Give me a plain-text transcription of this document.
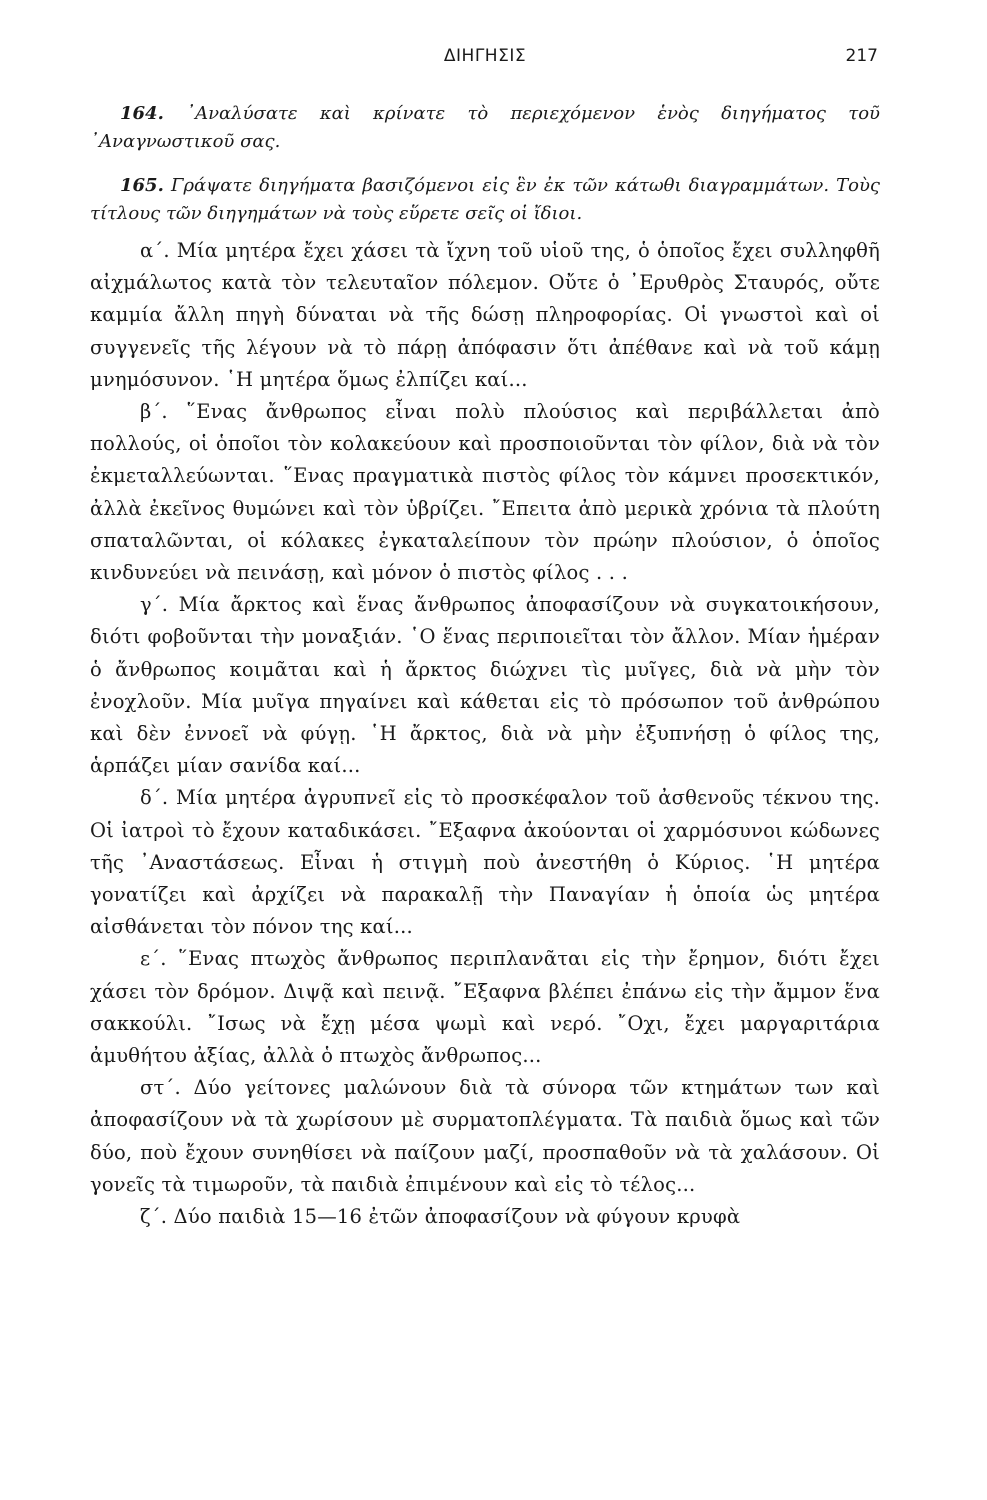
ΔΙΗΓΗΣΙΣ	217

164. ᾿Αναλύσατε καὶ κρίνατε τὸ περιεχόμενον ἑνὸς διηγήματος τοῦ ᾿Αναγνωστικοῦ σας.

165. Γράψατε διηγήματα βασιζόμενοι εἰς ἓν ἐκ τῶν κάτωθι διαγραμμάτων. Τοὺς τίτλους τῶν διηγημάτων νὰ τοὺς εὕρετε σεῖς οἱ ἴδιοι.

α΄. Μία μητέρα ἔχει χάσει τὰ ἴχνη τοῦ υἱοῦ της, ὁ ὁποῖος ἔχει συλληφθῆ αἰχμάλωτος κατὰ τὸν τελευταῖον πόλεμον. Οὔτε ὁ ᾿Ερυθρὸς Σταυρός, οὔτε καμμία ἄλλη πηγὴ δύναται νὰ τῆς δώσῃ πληροφορίας. Οἱ γνωστοὶ καὶ οἱ συγγενεῖς τῆς λέγουν νὰ τὸ πάρῃ ἀπόφασιν ὅτι ἀπέθανε καὶ νὰ τοῦ κάμῃ μνημόσυνον. ῾Η μητέρα ὅμως ἐλπίζει καί...

β΄. ῞Ενας ἄνθρωπος εἶναι πολὺ πλούσιος καὶ περιβάλλεται ἀπὸ πολλούς, οἱ ὁποῖοι τὸν κολακεύουν καὶ προσποιοῦνται τὸν φίλον, διὰ νὰ τὸν ἐκμεταλλεύωνται. ῞Ενας πραγματικὰ πιστὸς φίλος τὸν κάμνει προσεκτικόν, ἀλλὰ ἐκεῖνος θυμώνει καὶ τὸν ὑβρίζει. ῎Επειτα ἀπὸ μερικὰ χρόνια τὰ πλούτη σπαταλῶνται, οἱ κόλακες ἐγκαταλείπουν τὸν πρώην πλούσιον, ὁ ὁποῖος κινδυνεύει νὰ πεινάσῃ, καὶ μόνον ὁ πιστὸς φίλος . . .

γ΄. Μία ἄρκτος καὶ ἕνας ἄνθρωπος ἀποφασίζουν νὰ συγκατοικήσουν, διότι φοβοῦνται τὴν μοναξιάν. ῾Ο ἕνας περιποιεῖται τὸν ἄλλον. Μίαν ἡμέραν ὁ ἄνθρωπος κοιμᾶται καὶ ἡ ἄρκτος διώχνει τὶς μυῖγες, διὰ νὰ μὴν τὸν ἐνοχλοῦν. Μία μυῖγα πηγαίνει καὶ κάθεται εἰς τὸ πρόσωπον τοῦ ἀνθρώπου καὶ δὲν ἐννοεῖ νὰ φύγῃ. ῾Η ἄρκτος, διὰ νὰ μὴν ἐξυπνήσῃ ὁ φίλος της, ἁρπάζει μίαν σανίδα καί...

δ΄. Μία μητέρα ἀγρυπνεῖ εἰς τὸ προσκέφαλον τοῦ ἀσθενοῦς τέκνου της. Οἱ ἰατροὶ τὸ ἔχουν καταδικάσει. ῎Εξαφνα ἀκούονται οἱ χαρμόσυνοι κώδωνες τῆς ᾿Αναστάσεως. Εἶναι ἡ στιγμὴ ποὺ ἀνεστήθη ὁ Κύριος. ῾Η μητέρα γονατίζει καὶ ἀρχίζει νὰ παρακαλῇ τὴν Παναγίαν ἡ ὁποία ὡς μητέρα αἰσθάνεται τὸν πόνον της καί...

ε΄. ῞Ενας πτωχὸς ἄνθρωπος περιπλανᾶται εἰς τὴν ἔρημον, διότι ἔχει χάσει τὸν δρόμον. Διψᾷ καὶ πεινᾷ. ῎Εξαφνα βλέπει ἐπάνω εἰς τὴν ἄμμον ἕνα σακκούλι. ῎Ισως νὰ ἔχῃ μέσα ψωμὶ καὶ νερό. ῎Οχι, ἔχει μαργαριτάρια ἀμυθήτου ἀξίας, ἀλλὰ ὁ πτωχὸς ἄνθρωπος...

στ΄. Δύο γείτονες μαλώνουν διὰ τὰ σύνορα τῶν κτημάτων των καὶ ἀποφασίζουν νὰ τὰ χωρίσουν μὲ συρματοπλέγματα. Τὰ παιδιὰ ὅμως καὶ τῶν δύο, ποὺ ἔχουν συνηθίσει νὰ παίζουν μαζί, προσπαθοῦν νὰ τὰ χαλάσουν. Οἱ γονεῖς τὰ τιμωροῦν, τὰ παιδιὰ ἐπιμένουν καὶ εἰς τὸ τέλος...

ζ΄. Δύο παιδιὰ 15—16 ἐτῶν ἀποφασίζουν νὰ φύγουν κρυφὰ
